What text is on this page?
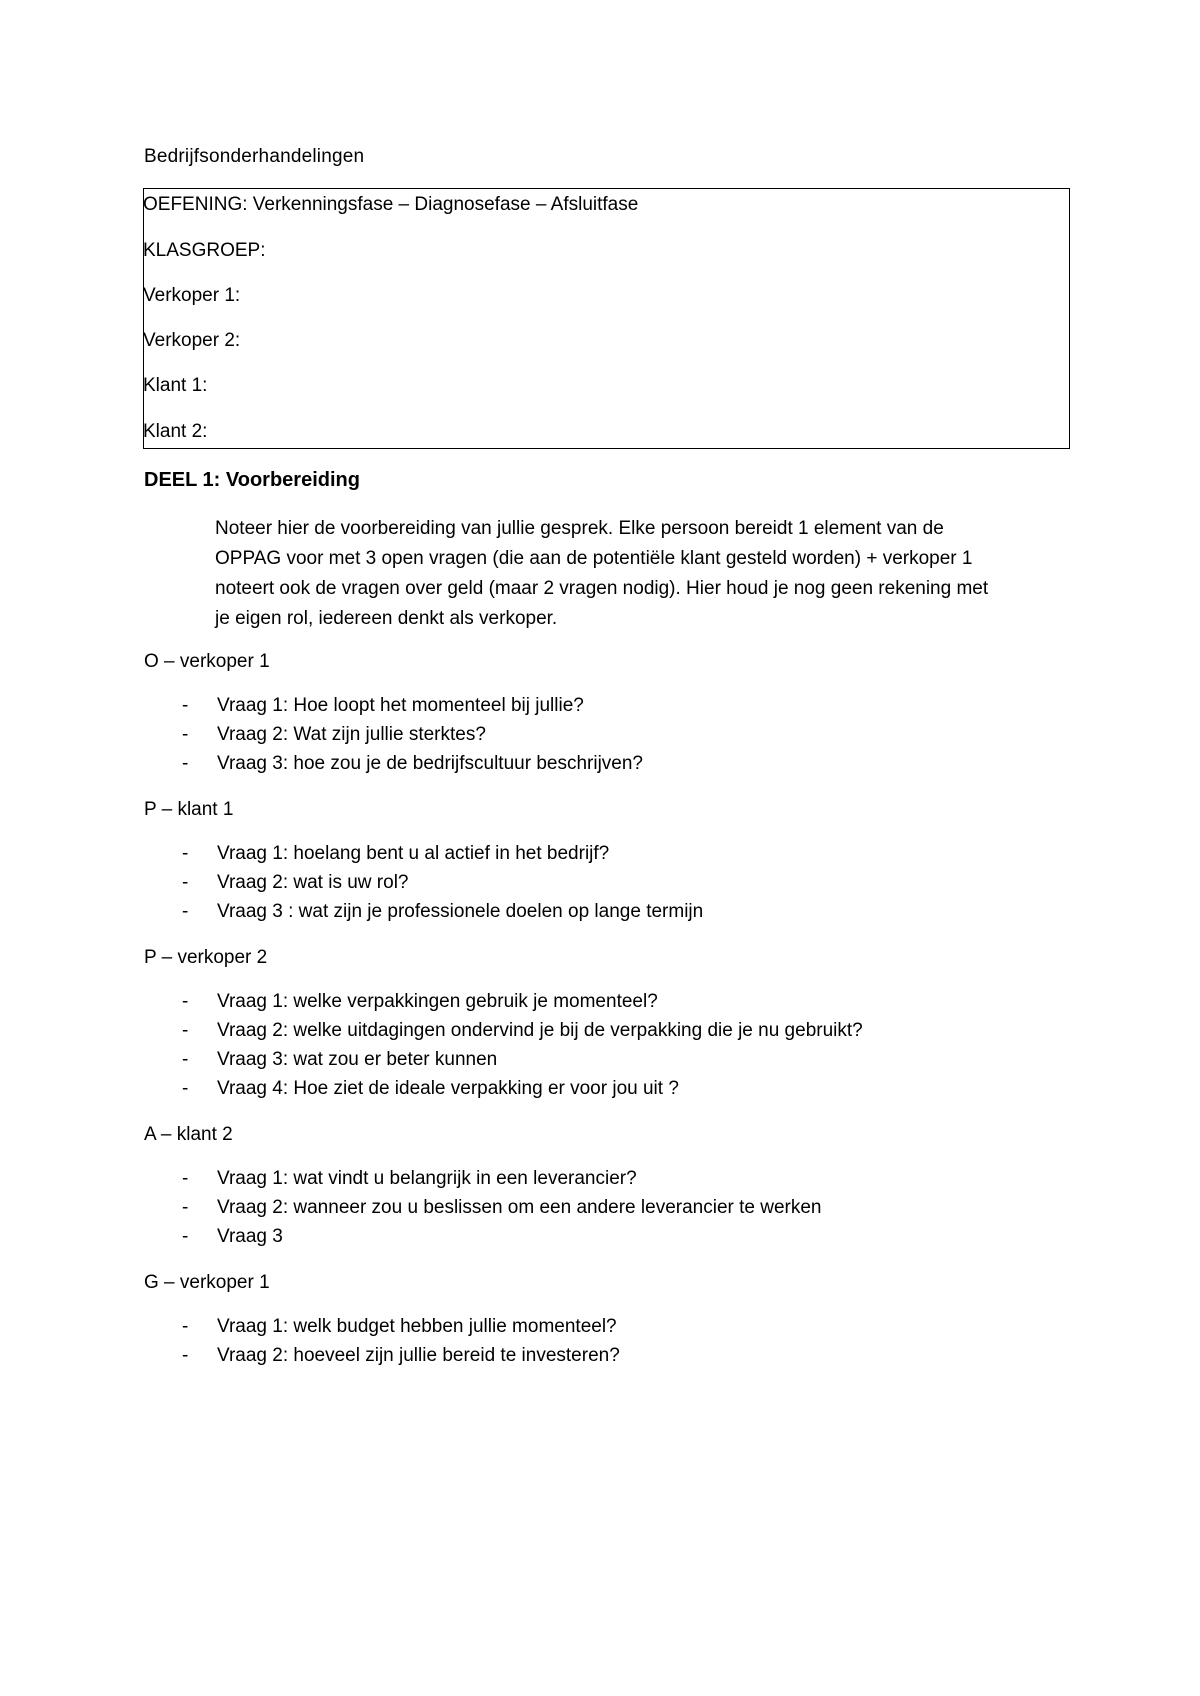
Bedrijfsonderhandelingen
OEFENING: Verkenningsfase – Diagnosefase – Afsluitfase
KLASGROEP:
Verkoper 1:
Verkoper 2:
Klant 1:
Klant 2:
DEEL 1: Voorbereiding

Noteer hier de voorbereiding van jullie gesprek. Elke persoon bereidt 1 element van de

OPPAG voor met 3 open vragen (die aan de potentiële klant gesteld worden) + verkoper 1

noteert ook de vragen over geld (maar 2 vragen nodig). Hier houd je nog geen rekening met

je eigen rol, iedereen denkt als verkoper.

O – verkoper 1
- Vraag 1: Hoe loopt het momenteel bij jullie?
- Vraag 2: Wat zijn jullie sterktes?
- Vraag 3: hoe zou je de bedrijfscultuur beschrijven?
P – klant 1
- Vraag 1: hoelang bent u al actief in het bedrijf?
- Vraag 2: wat is uw rol?
- Vraag 3 : wat zijn je professionele doelen op lange termijn
P – verkoper 2
- Vraag 1: welke verpakkingen gebruik je momenteel?
- Vraag 2: welke uitdagingen ondervind je bij de verpakking die je nu gebruikt?
- Vraag 3: wat zou er beter kunnen
- Vraag 4: Hoe ziet de ideale verpakking er voor jou uit ?
A – klant 2
- Vraag 1: wat vindt u belangrijk in een leverancier?
- Vraag 2: wanneer zou u beslissen om een andere leverancier te werken
- Vraag 3
G – verkoper 1
- Vraag 1: welk budget hebben jullie momenteel?
- Vraag 2: hoeveel zijn jullie bereid te investeren?
